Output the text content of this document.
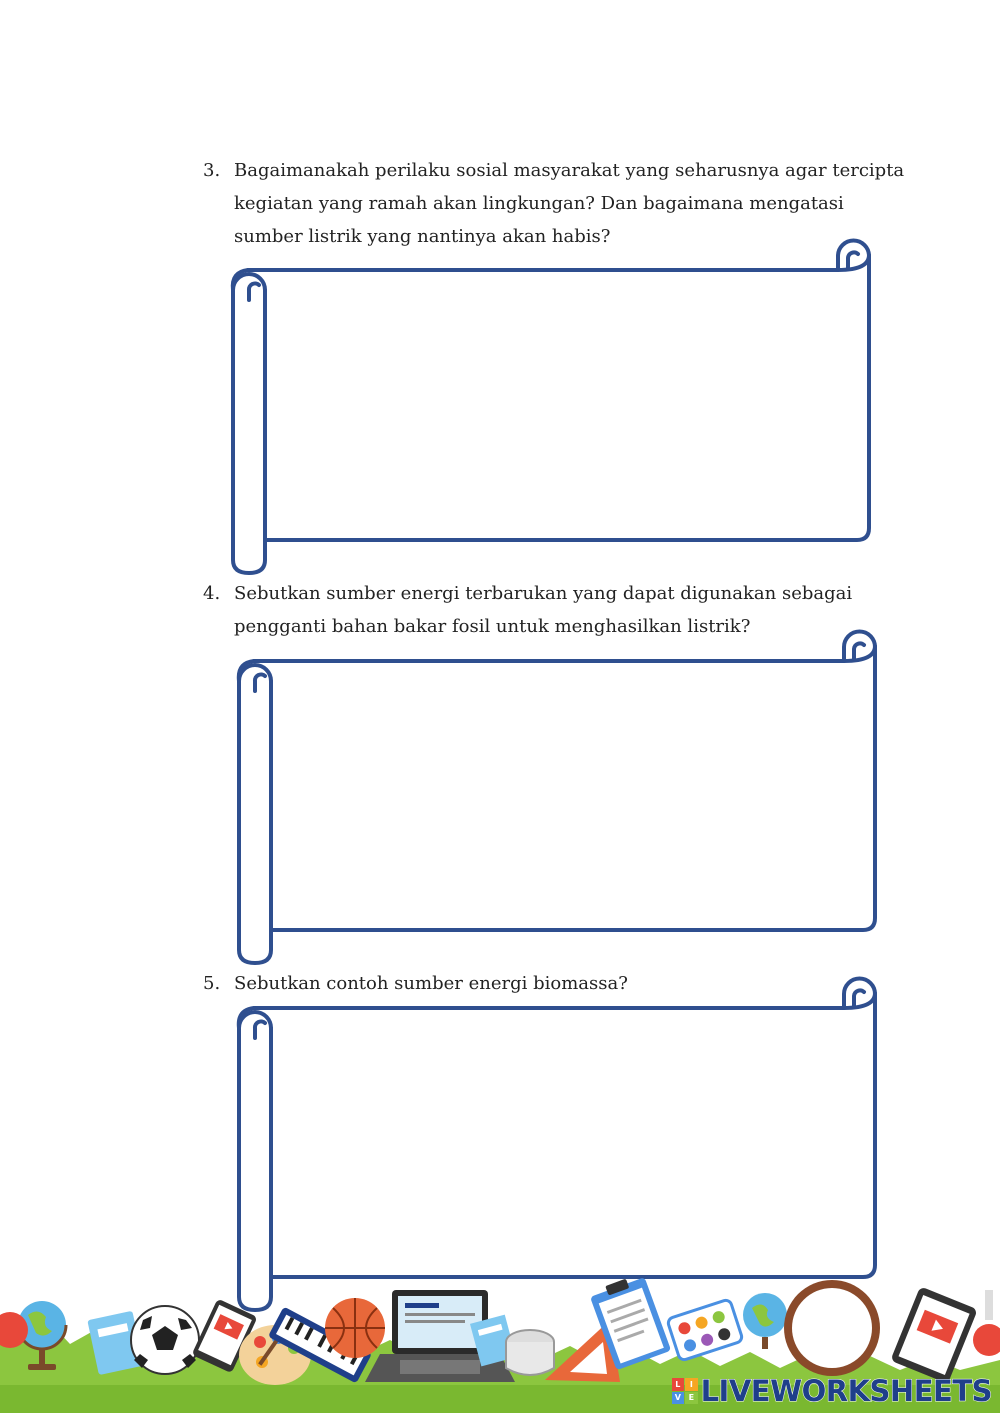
3. Bagaimanakah perilaku sosial masyarakat yang seharusnya agar tercipta
kegiatan yang ramah akan lingkungan? Dan bagaimana mengatasi
sumber listrik yang nantinya akan habis?
4. Sebutkan sumber energi terbarukan yang dapat digunakan sebagai
pengganti bahan bakar fosil untuk menghasilkan listrik?
5. Sebutkan contoh sumber energi biomassa?
L	I
V E LIVEWORKSHEETS
